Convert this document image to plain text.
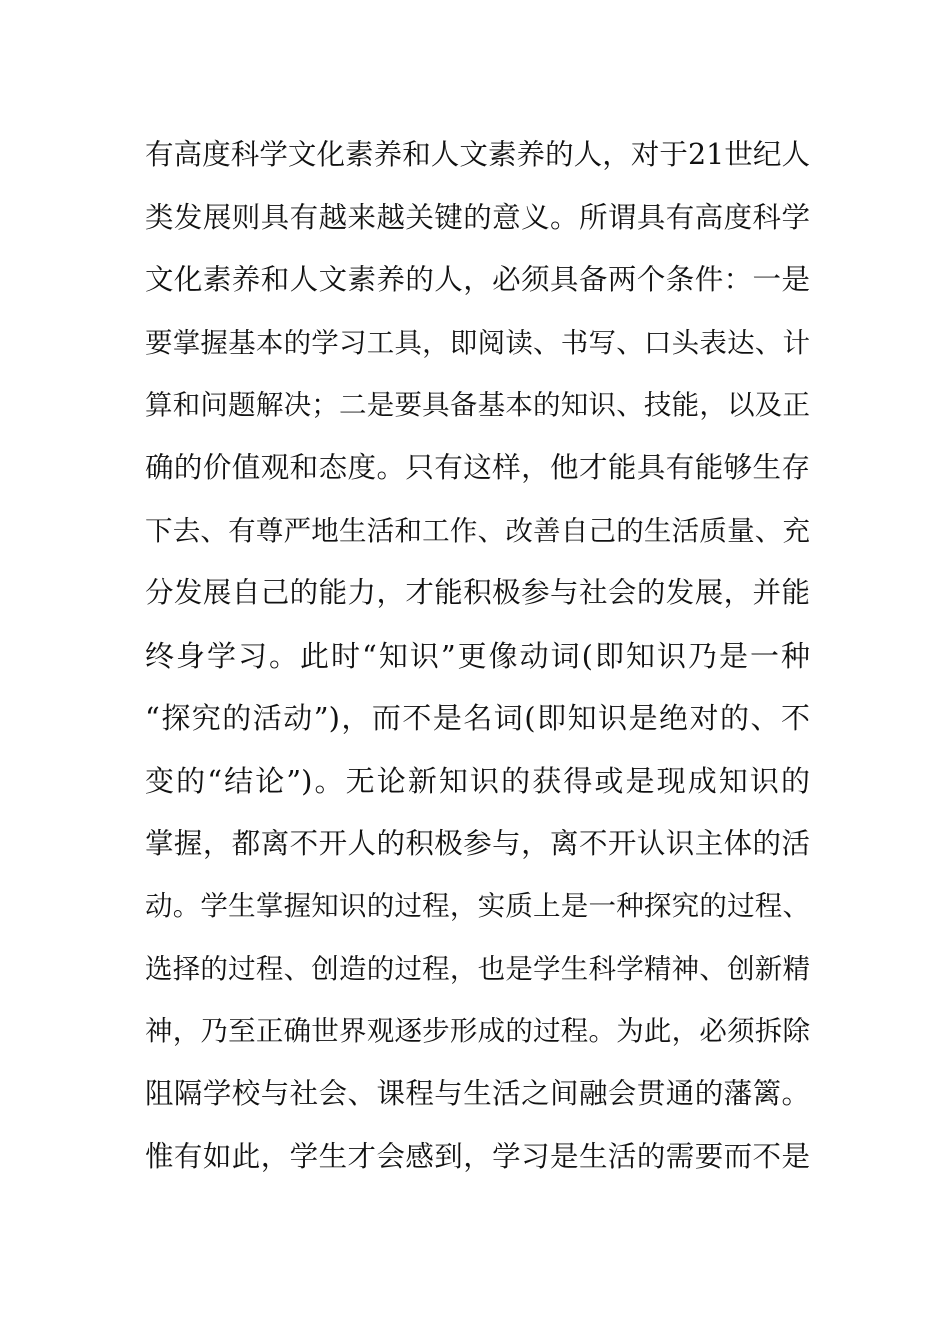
有高度科学文化素养和人文素养的人，对于21世纪人
类发展则具有越来越关键的意义。所谓具有高度科学
文化素养和人文素养的人，必须具备两个条件：一是
要掌握基本的学习工具，即阅读、书写、口头表达、计
算和问题解决；二是要具备基本的知识、技能，以及正
确的价值观和态度。只有这样，他才能具有能够生存
下去、有尊严地生活和工作、改善自己的生活质量、充
分发展自己的能力，才能积极参与社会的发展，并能
终身学习。此时“知识”更像动词(即知识乃是一种
“探究的活动”)，而不是名词(即知识是绝对的、不
变的“结论”)。无论新知识的获得或是现成知识的
掌握，都离不开人的积极参与，离不开认识主体的活
动。学生掌握知识的过程，实质上是一种探究的过程、
选择的过程、创造的过程，也是学生科学精神、创新精
神，乃至正确世界观逐步形成的过程。为此，必须拆除
阻隔学校与社会、课程与生活之间融会贯通的藩篱。
惟有如此，学生才会感到，学习是生活的需要而不是
